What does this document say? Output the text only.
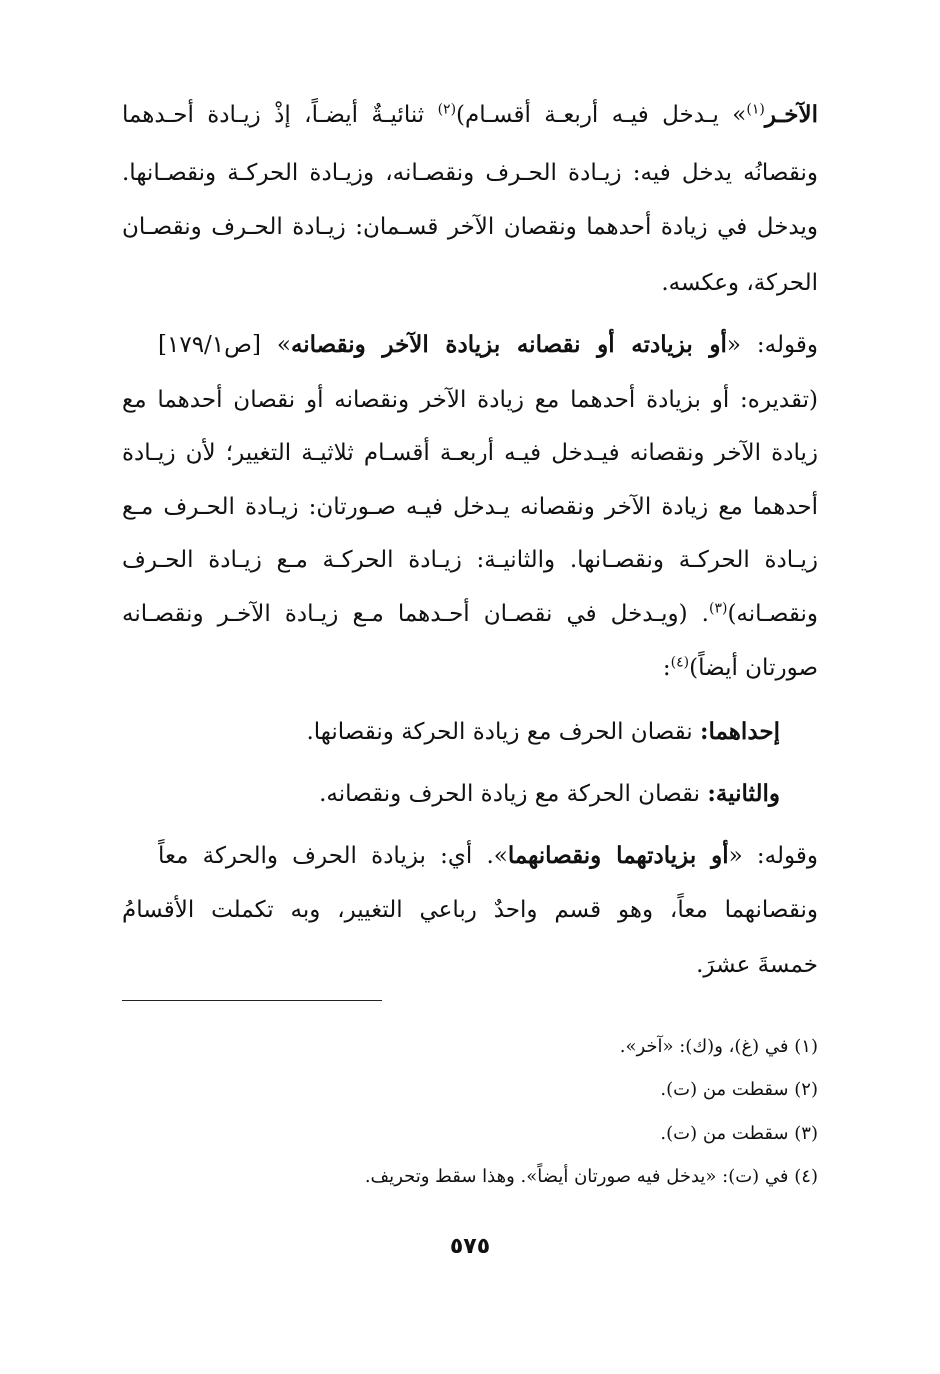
الآخـر$^{(١)}$» يـدخل فيـه أربعـة أقسـام)$^{(٢)}$ ثنائيـةٌ أيضـاً، إذْ زيـادة أحـدهما
ونقصانُه يدخل فيه: زيـادة الحـرف ونقصـانه، وزيـادة الحركـة ونقصـانها.
ويدخل في زيادة أحدهما ونقصان الآخر قسـمان: زيـادة الحـرف ونقصـان
الحركة، وعكسه.
وقوله: «أو بزيادته أو نقصانه بزيادة الآخر ونقصانه» [ص١٧٩/١]
(تقديره: أو بزيادة أحدهما مع زيادة الآخر ونقصانه أو نقصان أحدهما مع
زيادة الآخر ونقصانه فيـدخل فيـه أربعـة أقسـام ثلاثيـة التغيير؛ لأن زيـادة
أحدهما مع زيادة الآخر ونقصانه يـدخل فيـه صـورتان: زيـادة الحـرف مـع
زيـادة الحركـة ونقصـانها. والثانيـة: زيـادة الحركـة مـع زيـادة الحـرف
ونقصـانه)$^{(٣)}$. (ويـدخل في نقصـان أحـدهما مـع زيـادة الآخـر ونقصـانه
صورتان أيضاً)$^{(٤)}$:
إحداهما: نقصان الحرف مع زيادة الحركة ونقصانها.
والثانية: نقصان الحركة مع زيادة الحرف ونقصانه.
وقوله: «أو بزيادتهما ونقصانهما». أي: بزيادة الحرف والحركة معاً
ونقصانهما معاً، وهو قسم واحدٌ رباعي التغيير، وبه تكملت الأقسامُ
خمسةَ عشرَ.
(١) في (غ)، و(ك): «آخر».
(٢) سقطت من (ت).
(٣) سقطت من (ت).
(٤) في (ت): «يدخل فيه صورتان أيضاً». وهذا سقط وتحريف.
٥٧٥
